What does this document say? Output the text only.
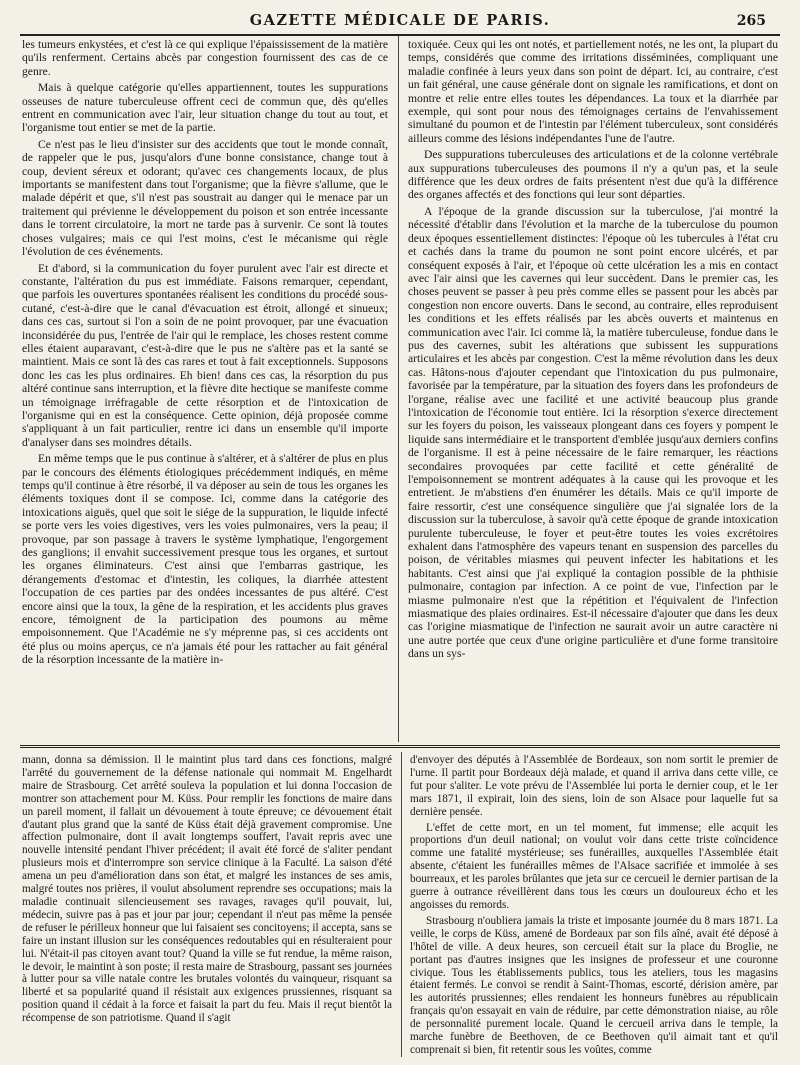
GAZETTE MÉDICALE DE PARIS.	265

les tumeurs enkystées, et c'est là ce qui explique l'épaississement de la matière qu'ils renferment. Certains abcès par congestion fournissent des cas de ce genre.

Mais à quelque catégorie qu'elles appartiennent, toutes les suppurations osseuses de nature tuberculeuse offrent ceci de commun que, dès qu'elles entrent en communication avec l'air, leur situation change du tout au tout, et l'organisme tout entier se met de la partie.

Ce n'est pas le lieu d'insister sur des accidents que tout le monde connaît, de rappeler que le pus, jusqu'alors d'une bonne consistance, change tout à coup, devient séreux et odorant; qu'avec ces changements locaux, de plus importants se manifestent dans tout l'organisme; que la fièvre s'allume, que le malade dépérit et que, s'il n'est pas soustrait au danger qui le menace par un traitement qui prévienne le développement du poison et son entrée incessante dans le torrent circulatoire, la mort ne tarde pas à survenir. Ce sont là toutes choses vulgaires; mais ce qui l'est moins, c'est le mécanisme qui règle l'évolution de ces événements.

Et d'abord, si la communication du foyer purulent avec l'air est directe et constante, l'altération du pus est immédiate. Faisons remarquer, cependant, que parfois les ouvertures spontanées réalisent les conditions du procédé sous-cutané, c'est-à-dire que le canal d'évacuation est étroit, allongé et sinueux; dans ces cas, surtout si l'on a soin de ne point provoquer, par une évacuation inconsidérée du pus, l'entrée de l'air qui le remplace, les choses restent comme elles étaient auparavant, c'est-à-dire que le pus ne s'altère pas et la santé se maintient. Mais ce sont là des cas rares et tout à fait exceptionnels. Supposons donc les cas les plus ordinaires. Eh bien! dans ces cas, la résorption du pus altéré continue sans interruption, et la fièvre dite hectique se manifeste comme un témoignage irréfragable de cette résorption et de l'intoxication de l'organisme qui en est la conséquence. Cette opinion, déjà proposée comme s'appliquant à un fait particulier, rentre ici dans un ensemble qu'il importe d'analyser dans ses moindres détails.

En même temps que le pus continue à s'altérer, et à s'altérer de plus en plus par le concours des éléments étiologiques précédemment indiqués, en même temps qu'il continue à être résorbé, il va déposer au sein de tous les organes les éléments toxiques dont il se compose. Ici, comme dans la catégorie des intoxications aiguës, quel que soit le siége de la suppuration, le liquide infecté se porte vers les voies digestives, vers les voies pulmonaires, vers la peau; il provoque, par son passage à travers le système lymphatique, l'engorgement des ganglions; il envahit successivement presque tous les organes, et surtout les organes éliminateurs. C'est ainsi que l'embarras gastrique, les dérangements d'estomac et d'intestin, les coliques, la diarrhée attestent l'occupation de ces parties par des ondées incessantes de pus altéré. C'est encore ainsi que la toux, la gêne de la respiration, et les accidents plus graves encore, témoignent de la participation des poumons au même empoisonnement. Que l'Académie ne s'y méprenne pas, si ces accidents ont été plus ou moins aperçus, ce n'a jamais été pour les rattacher au fait général de la résorption incessante de la matière in-

toxiquée. Ceux qui les ont notés, et partiellement notés, ne les ont, la plupart du temps, considérés que comme des irritations disséminées, compliquant une maladie confinée à leurs yeux dans son point de départ. Ici, au contraire, c'est un fait général, une cause générale dont on signale les ramifications, et dont on montre et relie entre elles toutes les dépendances. La toux et la diarrhée par exemple, qui sont pour nous des témoignages certains de l'envahissement simultané du poumon et de l'intestin par l'élément tuberculeux, sont considérés ailleurs comme des lésions indépendantes l'une de l'autre.

Des suppurations tuberculeuses des articulations et de la colonne vertébrale aux suppurations tuberculeuses des poumons il n'y a qu'un pas, et la seule différence que les deux ordres de faits présentent n'est due qu'à la différence des organes affectés et des fonctions qui leur sont départies.

A l'époque de la grande discussion sur la tuberculose, j'ai montré la nécessité d'établir dans l'évolution et la marche de la tuberculose du poumon deux époques essentiellement distinctes: l'époque où les tubercules à l'état cru et cachés dans la trame du poumon ne sont point encore ulcérés, et par conséquent exposés à l'air, et l'époque où cette ulcération les a mis en contact avec l'air ainsi que les cavernes qui leur succèdent. Dans le premier cas, les choses peuvent se passer à peu près comme elles se passent pour les abcès par congestion non encore ouverts. Dans le second, au contraire, elles reproduisent les conditions et les effets réalisés par les abcès ouverts et maintenus en communication avec l'air. Ici comme là, la matière tuberculeuse, fondue dans le pus des cavernes, subit les altérations que subissent les suppurations articulaires et les abcès par congestion. C'est la même révolution dans les deux cas. Hâtons-nous d'ajouter cependant que l'intoxication du pus pulmonaire, favorisée par la température, par la situation des foyers dans les profondeurs de l'organe, réalise avec une facilité et une activité beaucoup plus grande l'intoxication de l'économie tout entière. Ici la résorption s'exerce directement sur les foyers du poison, les vaisseaux plongeant dans ces foyers y pompent le liquide sans intermédiaire et le transportent d'emblée jusqu'aux derniers confins de l'organisme. Il est à peine nécessaire de le faire remarquer, les réactions secondaires provoquées par cette facilité et cette généralité de l'empoisonnement se montrent adéquates à la cause qui les provoque et les entretient. Je m'abstiens d'en énumérer les détails. Mais ce qu'il importe de faire ressortir, c'est une conséquence singulière que j'ai signalée lors de la discussion sur la tuberculose, à savoir qu'à cette époque de grande intoxication purulente tuberculeuse, le foyer et peut-être toutes les voies excrétoires exhalent dans l'atmosphère des vapeurs tenant en suspension des parcelles du poison, de véritables miasmes qui peuvent infecter les habitations et les habitants. C'est ainsi que j'ai expliqué la contagion possible de la phthisie pulmonaire, contagion par infection. A ce point de vue, l'infection par le miasme pulmonaire n'est que la répétition et l'équivalent de l'infection miasmatique des plaies ordinaires. Est-il nécessaire d'ajouter que dans les deux cas l'origine miasmatique de l'infection ne saurait avoir un autre caractère ni une autre portée que ceux d'une origine particulière et d'une forme transitoire dans un sys-

mann, donna sa démission. Il le maintint plus tard dans ces fonctions, malgré l'arrêté du gouvernement de la défense nationale qui nommait M. Engelhardt maire de Strasbourg. Cet arrêté souleva la population et lui donna l'occasion de montrer son attachement pour M. Küss. Pour remplir les fonctions de maire dans un pareil moment, il fallait un dévouement à toute épreuve; ce dévouement était d'autant plus grand que la santé de Küss était déjà gravement compromise. Une affection pulmonaire, dont il avait longtemps souffert, l'avait repris avec une nouvelle intensité pendant l'hiver précédent; il avait été forcé de s'aliter pendant plusieurs mois et d'interrompre son service clinique à la Faculté. La saison d'été amena un peu d'amélioration dans son état, et malgré les instances de ses amis, malgré toutes nos prières, il voulut absolument reprendre ses occupations; mais la maladie continuait silencieusement ses ravages, ravages qu'il pouvait, lui, médecin, suivre pas à pas et jour par jour; cependant il n'eut pas même la pensée de refuser le périlleux honneur que lui faisaient ses concitoyens; il accepta, sans se faire un instant illusion sur les conséquences redoutables qui en résulteraient pour lui. N'était-il pas citoyen avant tout? Quand la ville se fut rendue, la même raison, le devoir, le maintint à son poste; il resta maire de Strasbourg, passant ses journées à lutter pour sa ville natale contre les brutales volontés du vainqueur, risquant sa liberté et sa popularité quand il résistait aux exigences prussiennes, risquant sa position quand il cédait à la force et faisait la part du feu. Mais il reçut bientôt la récompense de son patriotisme. Quand il s'agit

d'envoyer des députés à l'Assemblée de Bordeaux, son nom sortit le premier de l'urne. Il partit pour Bordeaux déjà malade, et quand il arriva dans cette ville, ce fut pour s'aliter. Le vote prévu de l'Assemblée lui porta le dernier coup, et le 1er mars 1871, il expirait, loin des siens, loin de son Alsace pour laquelle fut sa dernière pensée.

L'effet de cette mort, en un tel moment, fut immense; elle acquit les proportions d'un deuil national; on voulut voir dans cette triste coïncidence comme une fatalité mystérieuse; ses funérailles, auxquelles l'Assemblée était absente, c'étaient les funérailles mêmes de l'Alsace sacrifiée et immolée à ses bourreaux, et les paroles brûlantes que jeta sur ce cercueil le dernier partisan de la guerre à outrance réveillèrent dans tous les cœurs un douloureux écho et les angoisses du remords.

Strasbourg n'oubliera jamais la triste et imposante journée du 8 mars 1871. La veille, le corps de Küss, amené de Bordeaux par son fils aîné, avait été déposé à l'hôtel de ville. A deux heures, son cercueil était sur la place du Broglie, ne portant pas d'autres insignes que les insignes de professeur et une couronne civique. Tous les établissements publics, tous les ateliers, tous les magasins étaient fermés. Le convoi se rendit à Saint-Thomas, escorté, dérision amère, par les autorités prussiennes; elles rendaient les honneurs funèbres au républicain français qu'on essayait en vain de réduire, par cette démonstration niaise, au rôle de personnalité purement locale. Quand le cercueil arriva dans le temple, la marche funèbre de Beethoven, de ce Beethoven qu'il aimait tant et qu'il comprenait si bien, fit retentir sous les voûtes, comme
